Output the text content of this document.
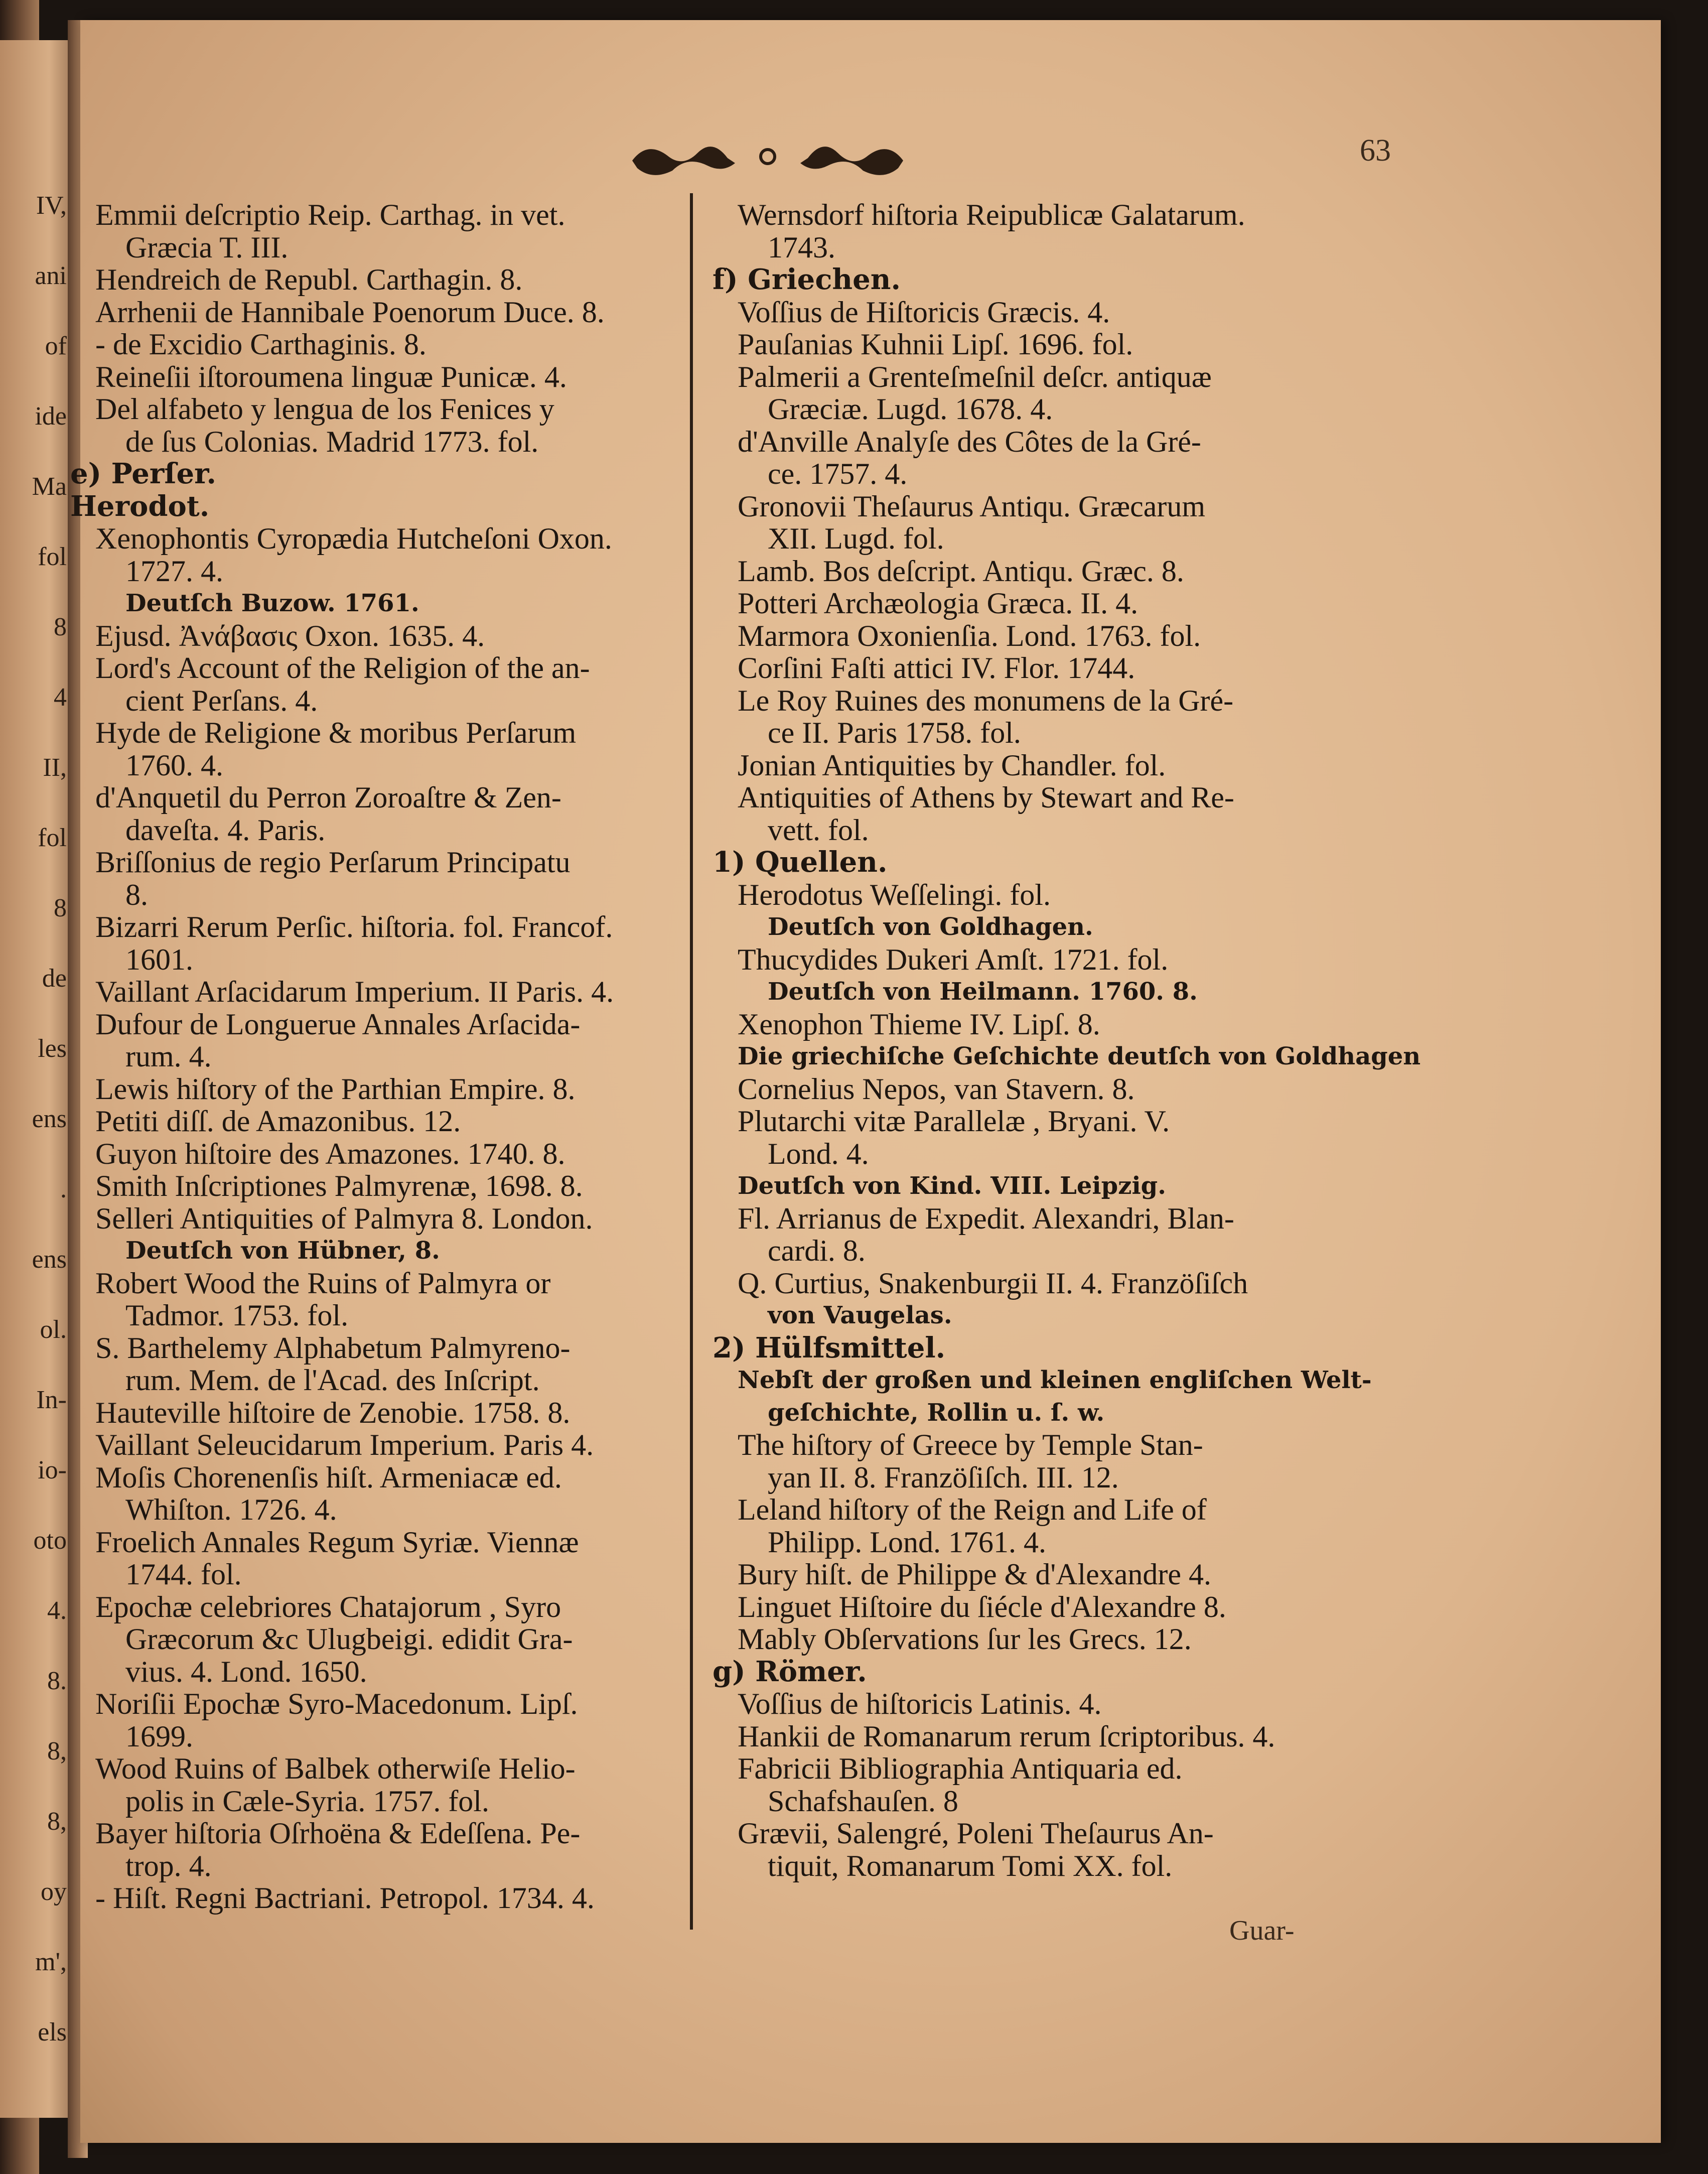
IV,
ani
of
ide
Ma
fol
8
4
II,
fol
8
de
les
ens
.
ens
ol.
In-
io-
oto
4.
8.
8,
8,
oy
m',
els
63
Emmii deſcriptio Reip. Carthag. in vet.
Græcia T. III.
Hendreich de Republ. Carthagin. 8.
Arrhenii de Hannibale Poenorum Duce. 8.
- de Excidio Carthaginis. 8.
Reineſii iſtoroumena linguæ Punicæ. 4.
Del alfabeto y lengua de los Fenices y
de ſus Colonias. Madrid 1773. fol.
e) Perſer.
Herodot.
Xenophontis Cyropædia Hutcheſoni Oxon.
1727. 4.
Deutſch Buzow. 1761.
Ejusd. Ἀνάβασις Oxon. 1635. 4.
Lord's Account of the Religion of the an-
cient Perſans. 4.
Hyde de Religione & moribus Perſarum
1760. 4.
d'Anquetil du Perron Zoroaſtre & Zen-
daveſta. 4. Paris.
Briſſonius de regio Perſarum Principatu
8.
Bizarri Rerum Perſic. hiſtoria. fol. Francof.
1601.
Vaillant Arſacidarum Imperium. II Paris. 4.
Dufour de Longuerue Annales Arſacida-
rum. 4.
Lewis hiſtory of the Parthian Empire. 8.
Petiti diſſ. de Amazonibus. 12.
Guyon hiſtoire des Amazones. 1740. 8.
Smith Inſcriptiones Palmyrenæ, 1698. 8.
Selleri Antiquities of Palmyra 8. London.
Deutſch von Hübner, 8.
Robert Wood the Ruins of Palmyra or
Tadmor. 1753. fol.
S. Barthelemy Alphabetum Palmyreno-
rum. Mem. de l'Acad. des Inſcript.
Hauteville hiſtoire de Zenobie. 1758. 8.
Vaillant Seleucidarum Imperium. Paris 4.
Moſis Chorenenſis hiſt. Armeniacæ ed.
Whiſton. 1726. 4.
Froelich Annales Regum Syriæ. Viennæ
1744. fol.
Epochæ celebriores Chatajorum , Syro
Græcorum &c Ulugbeigi. edidit Gra-
vius. 4. Lond. 1650.
Noriſii Epochæ Syro-Macedonum. Lipſ.
1699.
Wood Ruins of Balbek otherwiſe Helio-
polis in Cæle-Syria. 1757. fol.
Bayer hiſtoria Oſrhoëna & Edeſſena. Pe-
trop. 4.
- Hiſt. Regni Bactriani. Petropol. 1734. 4.
Wernsdorf hiſtoria Reipublicæ Galatarum.
1743.
f) Griechen.
Voſſius de Hiſtoricis Græcis. 4.
Pauſanias Kuhnii Lipſ. 1696. fol.
Palmerii a Grenteſmeſnil deſcr. antiquæ
Græciæ. Lugd. 1678. 4.
d'Anville Analyſe des Côtes de la Gré-
ce. 1757. 4.
Gronovii Theſaurus Antiqu. Græcarum
XII. Lugd. fol.
Lamb. Bos deſcript. Antiqu. Græc. 8.
Potteri Archæologia Græca. II. 4.
Marmora Oxonienſia. Lond. 1763. fol.
Corſini Faſti attici IV. Flor. 1744.
Le Roy Ruines des monumens de la Gré-
ce II. Paris 1758. fol.
Jonian Antiquities by Chandler. fol.
Antiquities of Athens by Stewart and Re-
vett. fol.
1) Quellen.
Herodotus Weſſelingi. fol.
Deutſch von Goldhagen.
Thucydides Dukeri Amſt. 1721. fol.
Deutſch von Heilmann. 1760. 8.
Xenophon Thieme IV. Lipſ. 8.
Die griechiſche Geſchichte deutſch von Goldhagen
Cornelius Nepos, van Stavern. 8.
Plutarchi vitæ Parallelæ , Bryani. V.
Lond. 4.
Deutſch von Kind. VIII. Leipzig.
Fl. Arrianus de Expedit. Alexandri, Blan-
cardi. 8.
Q. Curtius, Snakenburgii II. 4. Franzöſiſch
von Vaugelas.
2) Hülfsmittel.
Nebſt der großen und kleinen engliſchen Welt-
geſchichte, Rollin u. ſ. w.
The hiſtory of Greece by Temple Stan-
yan II. 8. Franzöſiſch. III. 12.
Leland hiſtory of the Reign and Life of
Philipp. Lond. 1761. 4.
Bury hiſt. de Philippe & d'Alexandre 4.
Linguet Hiſtoire du ſiécle d'Alexandre 8.
Mably Obſervations ſur les Grecs. 12.
g) Römer.
Voſſius de hiſtoricis Latinis. 4.
Hankii de Romanarum rerum ſcriptoribus. 4.
Fabricii Bibliographia Antiquaria ed.
Schafshauſen. 8
Grævii, Salengré, Poleni Theſaurus An-
tiquit, Romanarum Tomi XX. fol.
Guar-
